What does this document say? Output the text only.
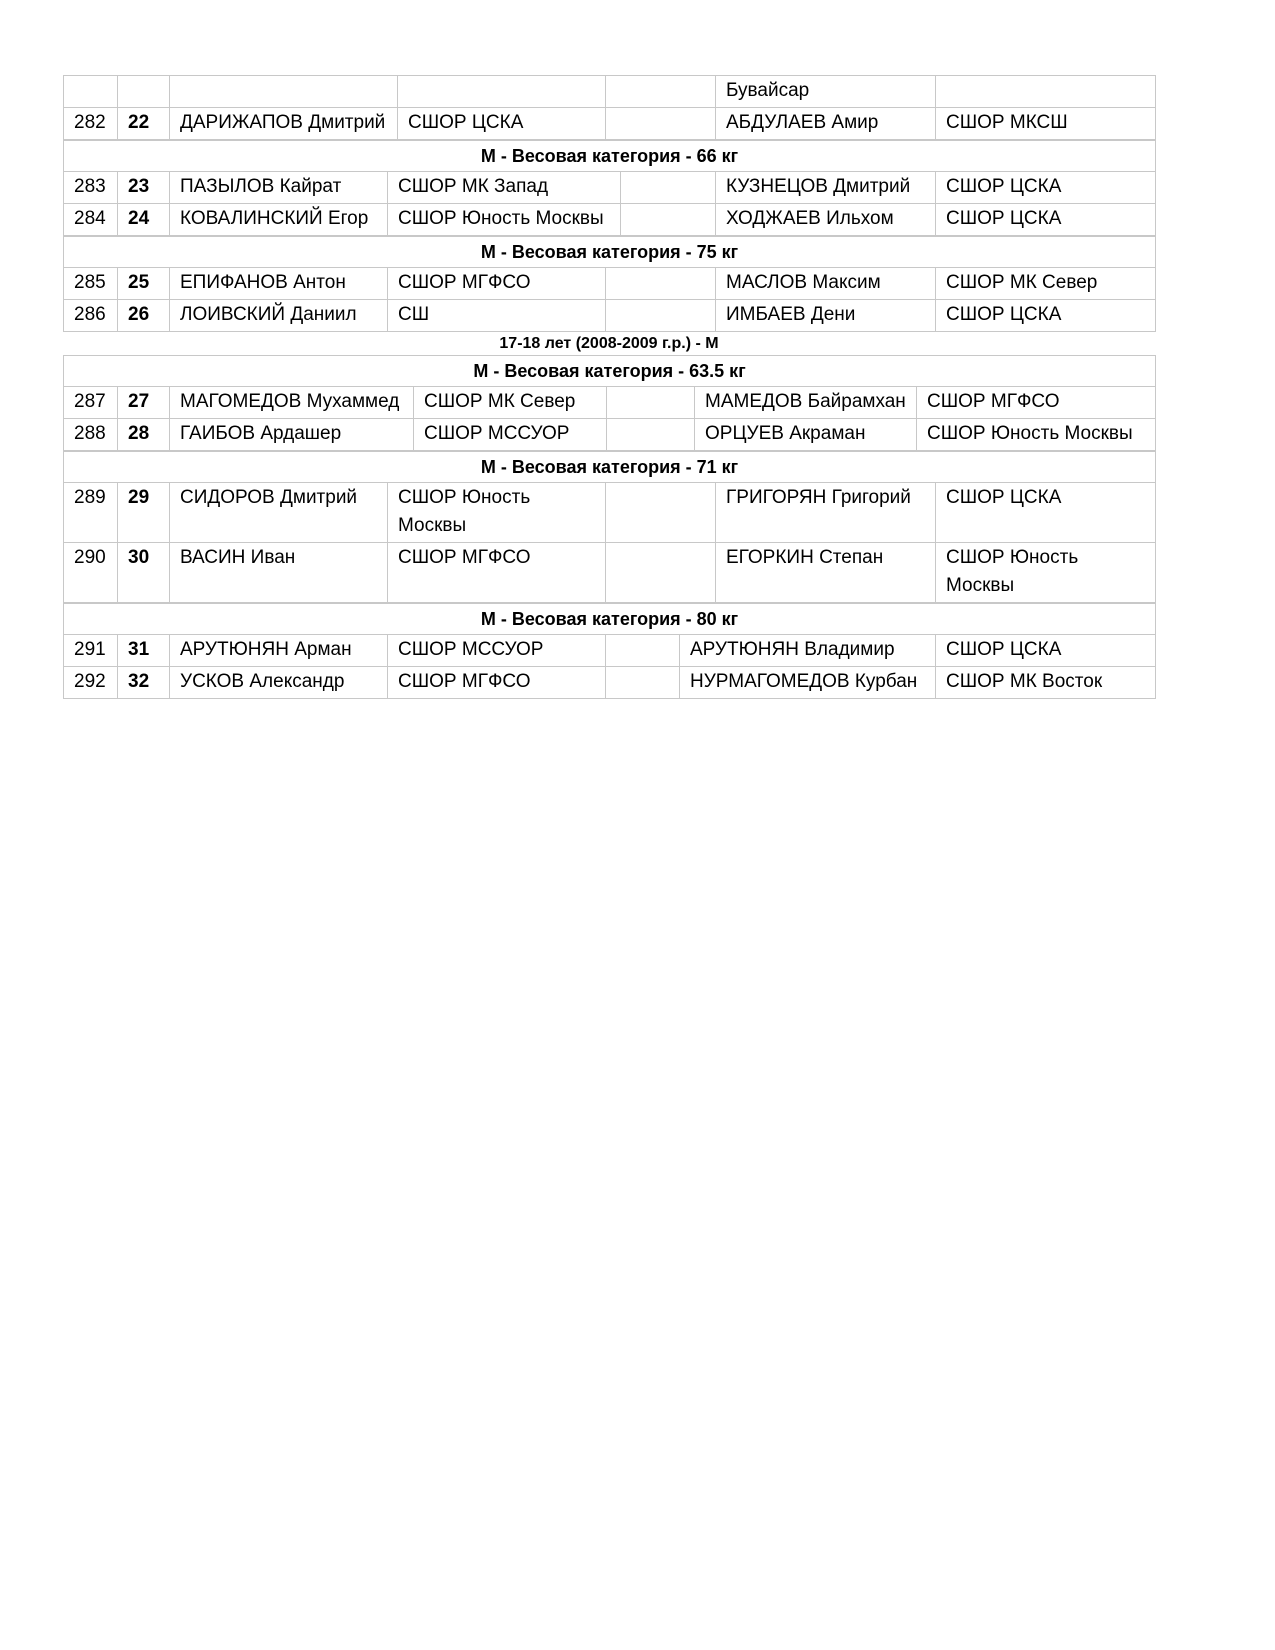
					Бувайсар	
282	22	ДАРИЖАПОВ Дмитрий	СШОР ЦСКА		АБДУЛАЕВ Амир	СШОР МКСШ
М - Весовая категория - 66 кг						
283	23	ПАЗЫЛОВ Кайрат	СШОР МК Запад		КУЗНЕЦОВ Дмитрий	СШОР ЦСКА
284	24	КОВАЛИНСКИЙ Егор	СШОР Юность Москвы		ХОДЖАЕВ Ильхом	СШОР ЦСКА
М - Весовая категория - 75 кг						
285	25	ЕПИФАНОВ Антон	СШОР МГФСО		МАСЛОВ Максим	СШОР МК Север
286	26	ЛОИВСКИЙ Даниил	СШ		ИМБАЕВ Дени	СШОР ЦСКА
17-18 лет (2008-2009 г.р.) - М
М - Весовая категория - 63.5 кг						
287	27	МАГОМЕДОВ Мухаммед	СШОР МК Север		МАМЕДОВ Байрамхан	СШОР МГФСО
288	28	ГАИБОВ Ардашер	СШОР МССУОР		ОРЦУЕВ Акраман	СШОР Юность Москвы
М - Весовая категория - 71 кг						
289	29	СИДОРОВ Дмитрий	СШОР Юность Москвы		ГРИГОРЯН Григорий	СШОР ЦСКА
290	30	ВАСИН Иван	СШОР МГФСО		ЕГОРКИН Степан	СШОР Юность Москвы
М - Весовая категория - 80 кг						
291	31	АРУТЮНЯН Арман	СШОР МССУОР		АРУТЮНЯН Владимир	СШОР ЦСКА
292	32	УСКОВ Александр	СШОР МГФСО		НУРМАГОМЕДОВ Курбан	СШОР МК Восток
